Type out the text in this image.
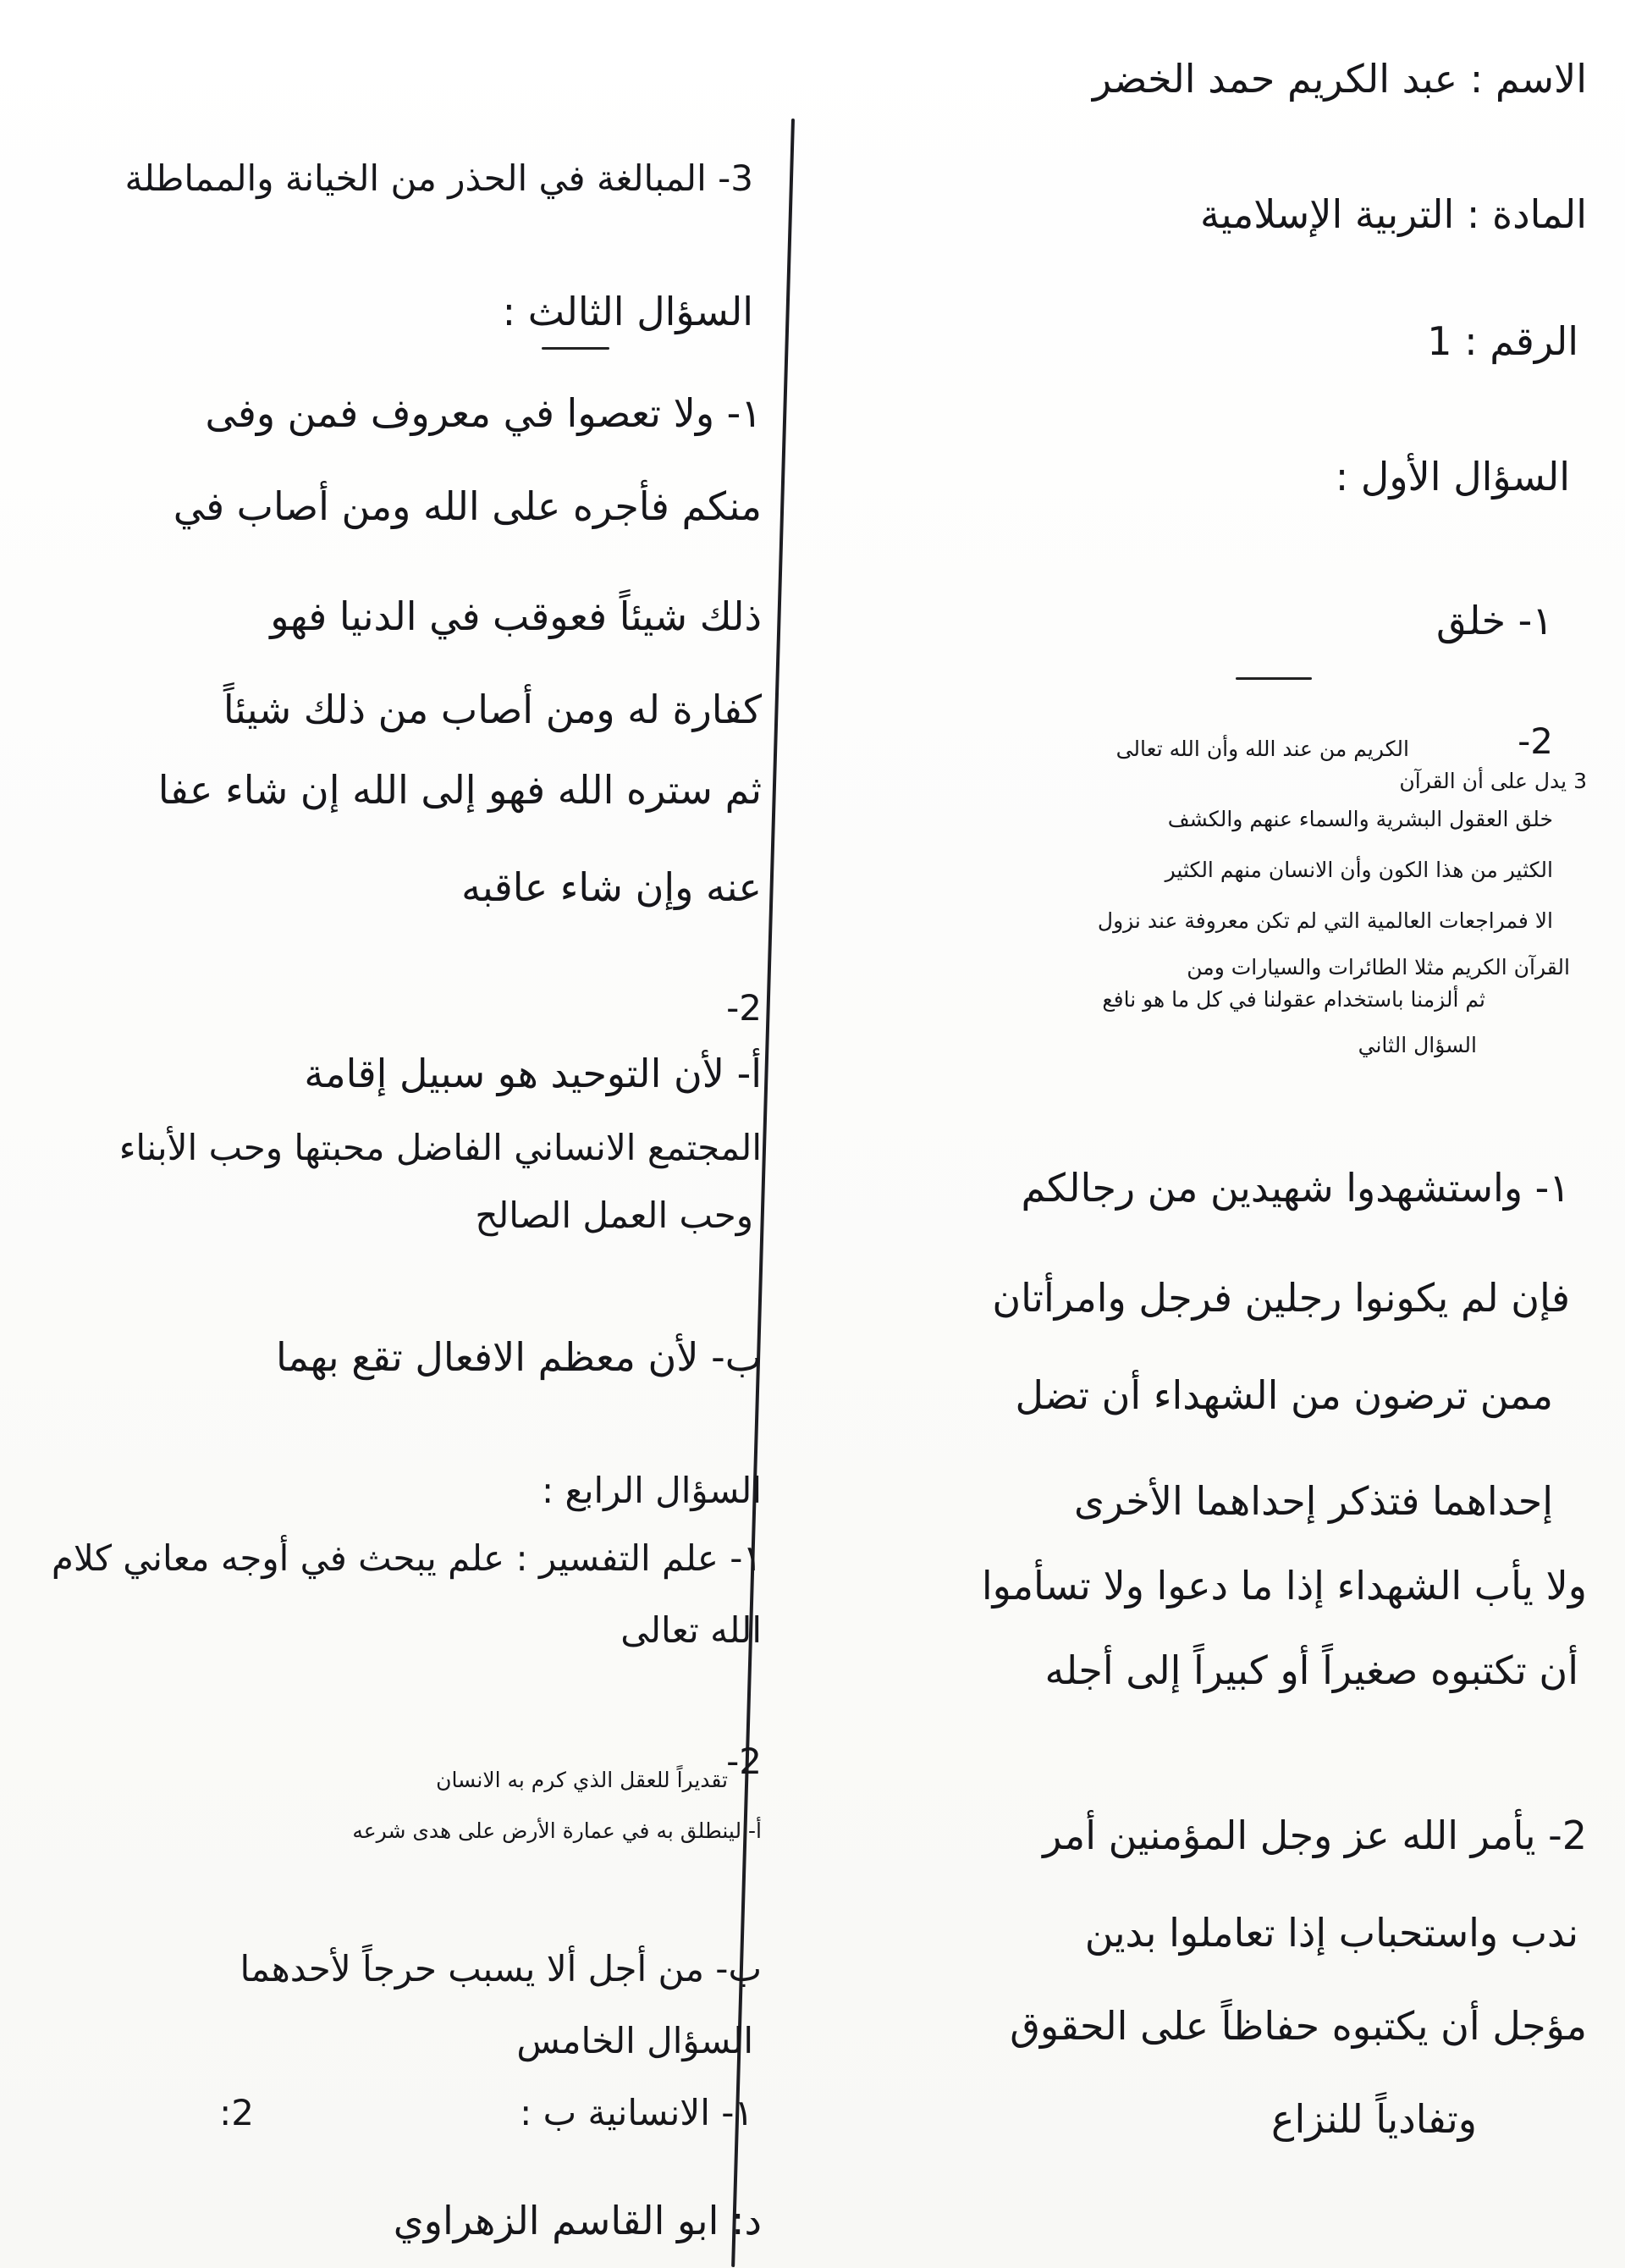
الاسم : عبد الكريم حمد الخضر
المادة : التربية الإسلامية
الرقم : 1
السؤال الأول :
١- خلق
2-
الكريم من عند الله وأن الله تعالى
3 يدل على أن القرآن
خلق العقول البشرية والسماء عنهم والكشف
الكثير من هذا الكون وأن الانسان منهم الكثير
الا فمراجعات العالمية التي لم تكن معروفة عند نزول
القرآن الكريم مثلا الطائرات والسيارات ومن
ثم ألزمنا باستخدام عقولنا في كل ما هو نافع
السؤال الثاني
١- واستشهدوا شهيدين من رجالكم
فإن لم يكونوا رجلين فرجل وامرأتان
ممن ترضون من الشهداء أن تضل
إحداهما فتذكر إحداهما الأخرى
ولا يأب الشهداء إذا ما دعوا ولا تسأموا
أن تكتبوه صغيراً أو كبيراً إلى أجله
2- يأمر الله عز وجل المؤمنين أمر
ندب واستحباب إذا تعاملوا بدين
مؤجل أن يكتبوه حفاظاً على الحقوق
وتفادياً للنزاع
3- المبالغة في الحذر من الخيانة والمماطلة
السؤال الثالث :
١- ولا تعصوا في معروف فمن وفى
منكم فأجره على الله ومن أصاب في
ذلك شيئاً فعوقب في الدنيا فهو
كفارة له ومن أصاب من ذلك شيئاً
ثم ستره الله فهو إلى الله إن شاء عفا
عنه وإن شاء عاقبه
2-
أ- لأن التوحيد هو سبيل إقامة
المجتمع الانساني الفاضل محبتها وحب الأبناء
وحب العمل الصالح
ب- لأن معظم الافعال تقع بهما
السؤال الرابع :
١- علم التفسير : علم يبحث في أوجه معاني كلام
الله تعالى
2-
تقديراً للعقل الذي كرم به الانسان
أ- لينطلق به في عمارة الأرض على هدى شرعه
ب- من أجل ألا يسبب حرجاً لأحدهما
السؤال الخامس
١- الانسانية ب :
2:
د: ابو القاسم الزهراوي
